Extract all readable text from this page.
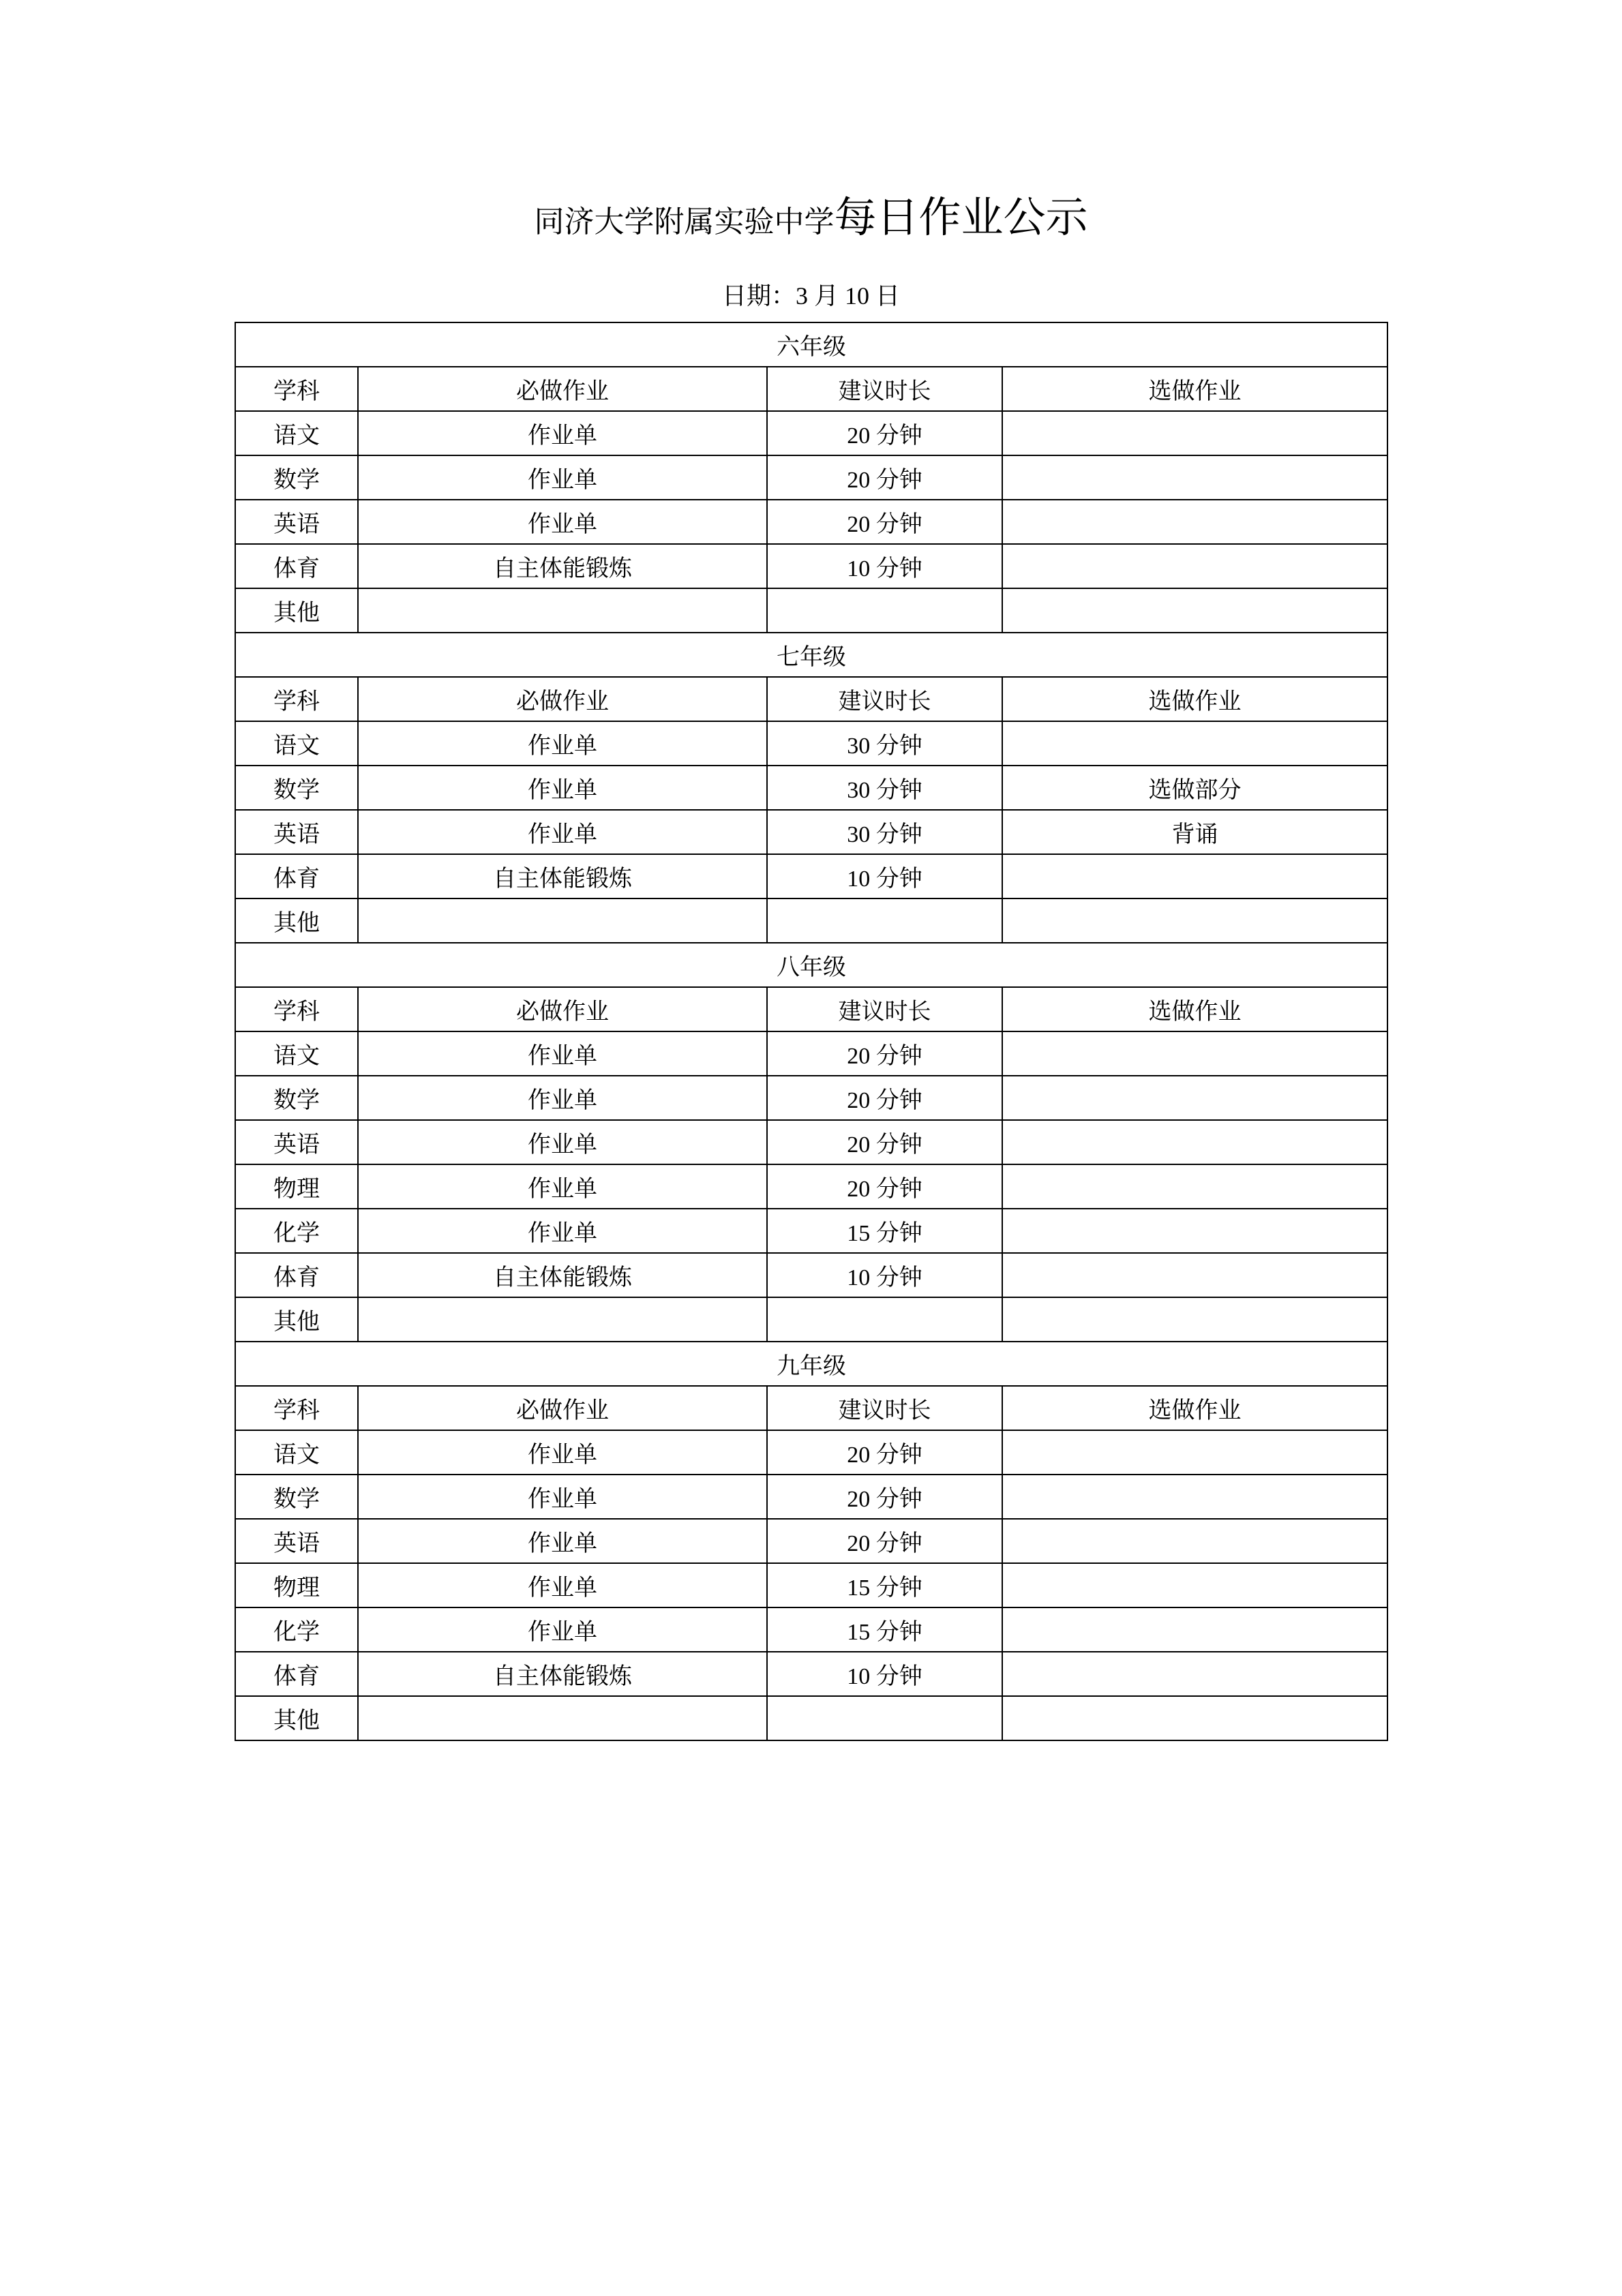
同济大学附属实验中学每日作业公示
日期：3 月 10 日
六年级			
学科	必做作业	建议时长	选做作业
语文	作业单	20 分钟	
数学	作业单	20 分钟	
英语	作业单	20 分钟	
体育	自主体能锻炼	10 分钟	
其他			
七年级			
学科	必做作业	建议时长	选做作业
语文	作业单	30 分钟	
数学	作业单	30 分钟	选做部分
英语	作业单	30 分钟	背诵
体育	自主体能锻炼	10 分钟	
其他			
八年级			
学科	必做作业	建议时长	选做作业
语文	作业单	20 分钟	
数学	作业单	20 分钟	
英语	作业单	20 分钟	
物理	作业单	20 分钟	
化学	作业单	15 分钟	
体育	自主体能锻炼	10 分钟	
其他			
九年级			
学科	必做作业	建议时长	选做作业
语文	作业单	20 分钟	
数学	作业单	20 分钟	
英语	作业单	20 分钟	
物理	作业单	15 分钟	
化学	作业单	15 分钟	
体育	自主体能锻炼	10 分钟	
其他			
